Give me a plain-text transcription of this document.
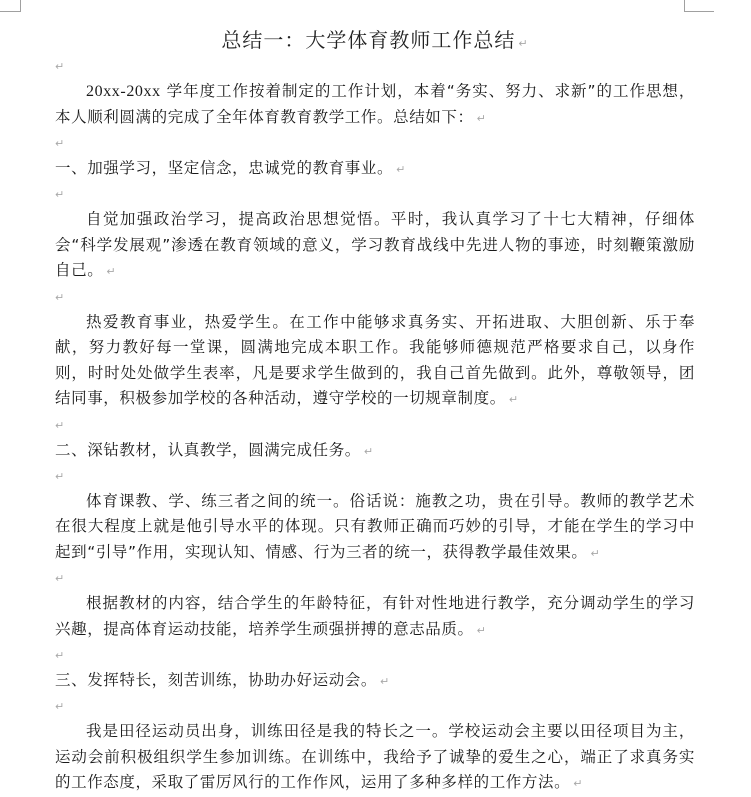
总结一：大学体育教师工作总结 ↵
↵

20xx-20xx 学年度工作按着制定的工作计划，本着“务实、努力、求新”的工作思想，本人顺利圆满的完成了全年体育教育教学工作。总结如下： ↵

↵

一、加强学习，坚定信念，忠诚党的教育事业。 ↵

↵

自觉加强政治学习，提高政治思想觉悟。平时，我认真学习了十七大精神，仔细体会“科学发展观”渗透在教育领域的意义，学习教育战线中先进人物的事迹，时刻鞭策激励自己。 ↵

↵

热爱教育事业，热爱学生。在工作中能够求真务实、开拓进取、大胆创新、乐于奉献，努力教好每一堂课，圆满地完成本职工作。我能够师德规范严格要求自己，以身作则，时时处处做学生表率，凡是要求学生做到的，我自己首先做到。此外，尊敬领导，团结同事，积极参加学校的各种活动，遵守学校的一切规章制度。 ↵

↵

二、深钻教材，认真教学，圆满完成任务。 ↵

↵

体育课教、学、练三者之间的统一。俗话说：施教之功，贵在引导。教师的教学艺术在很大程度上就是他引导水平的体现。只有教师正确而巧妙的引导，才能在学生的学习中起到“引导”作用，实现认知、情感、行为三者的统一，获得教学最佳效果。 ↵

↵

根据教材的内容，结合学生的年龄特征，有针对性地进行教学，充分调动学生的学习兴趣，提高体育运动技能，培养学生顽强拼搏的意志品质。 ↵

↵

三、发挥特长，刻苦训练，协助办好运动会。 ↵

↵

我是田径运动员出身，训练田径是我的特长之一。学校运动会主要以田径项目为主，运动会前积极组织学生参加训练。在训练中，我给予了诚挚的爱生之心，端正了求真务实的工作态度，采取了雷厉风行的工作作风，运用了多种多样的工作方法。 ↵
